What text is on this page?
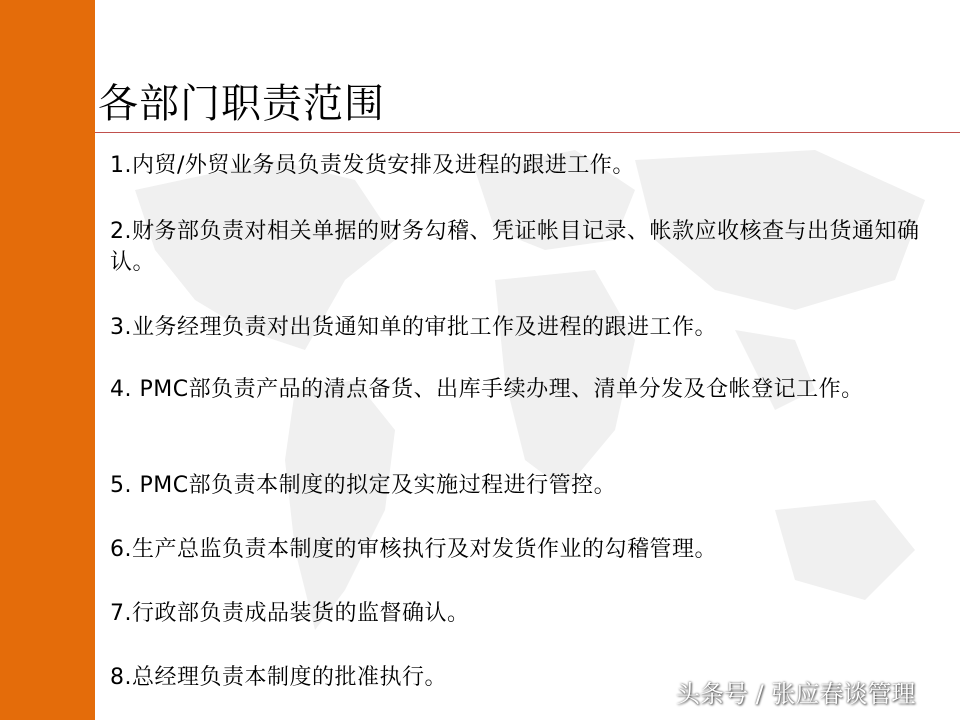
各部门职责范围
1.内贸/外贸业务员负责发货安排及进程的跟进工作。
2.财务部负责对相关单据的财务勾稽、凭证帐目记录、帐款应收核查与出货通知确认。
3.业务经理负责对出货通知单的审批工作及进程的跟进工作。
4. PMC部负责产品的清点备货、出库手续办理、清单分发及仓帐登记工作。
5. PMC部负责本制度的拟定及实施过程进行管控。
6.生产总监负责本制度的审核执行及对发货作业的勾稽管理。
7.行政部负责成品装货的监督确认。
8.总经理负责本制度的批准执行。
头条号 / 张应春谈管理
